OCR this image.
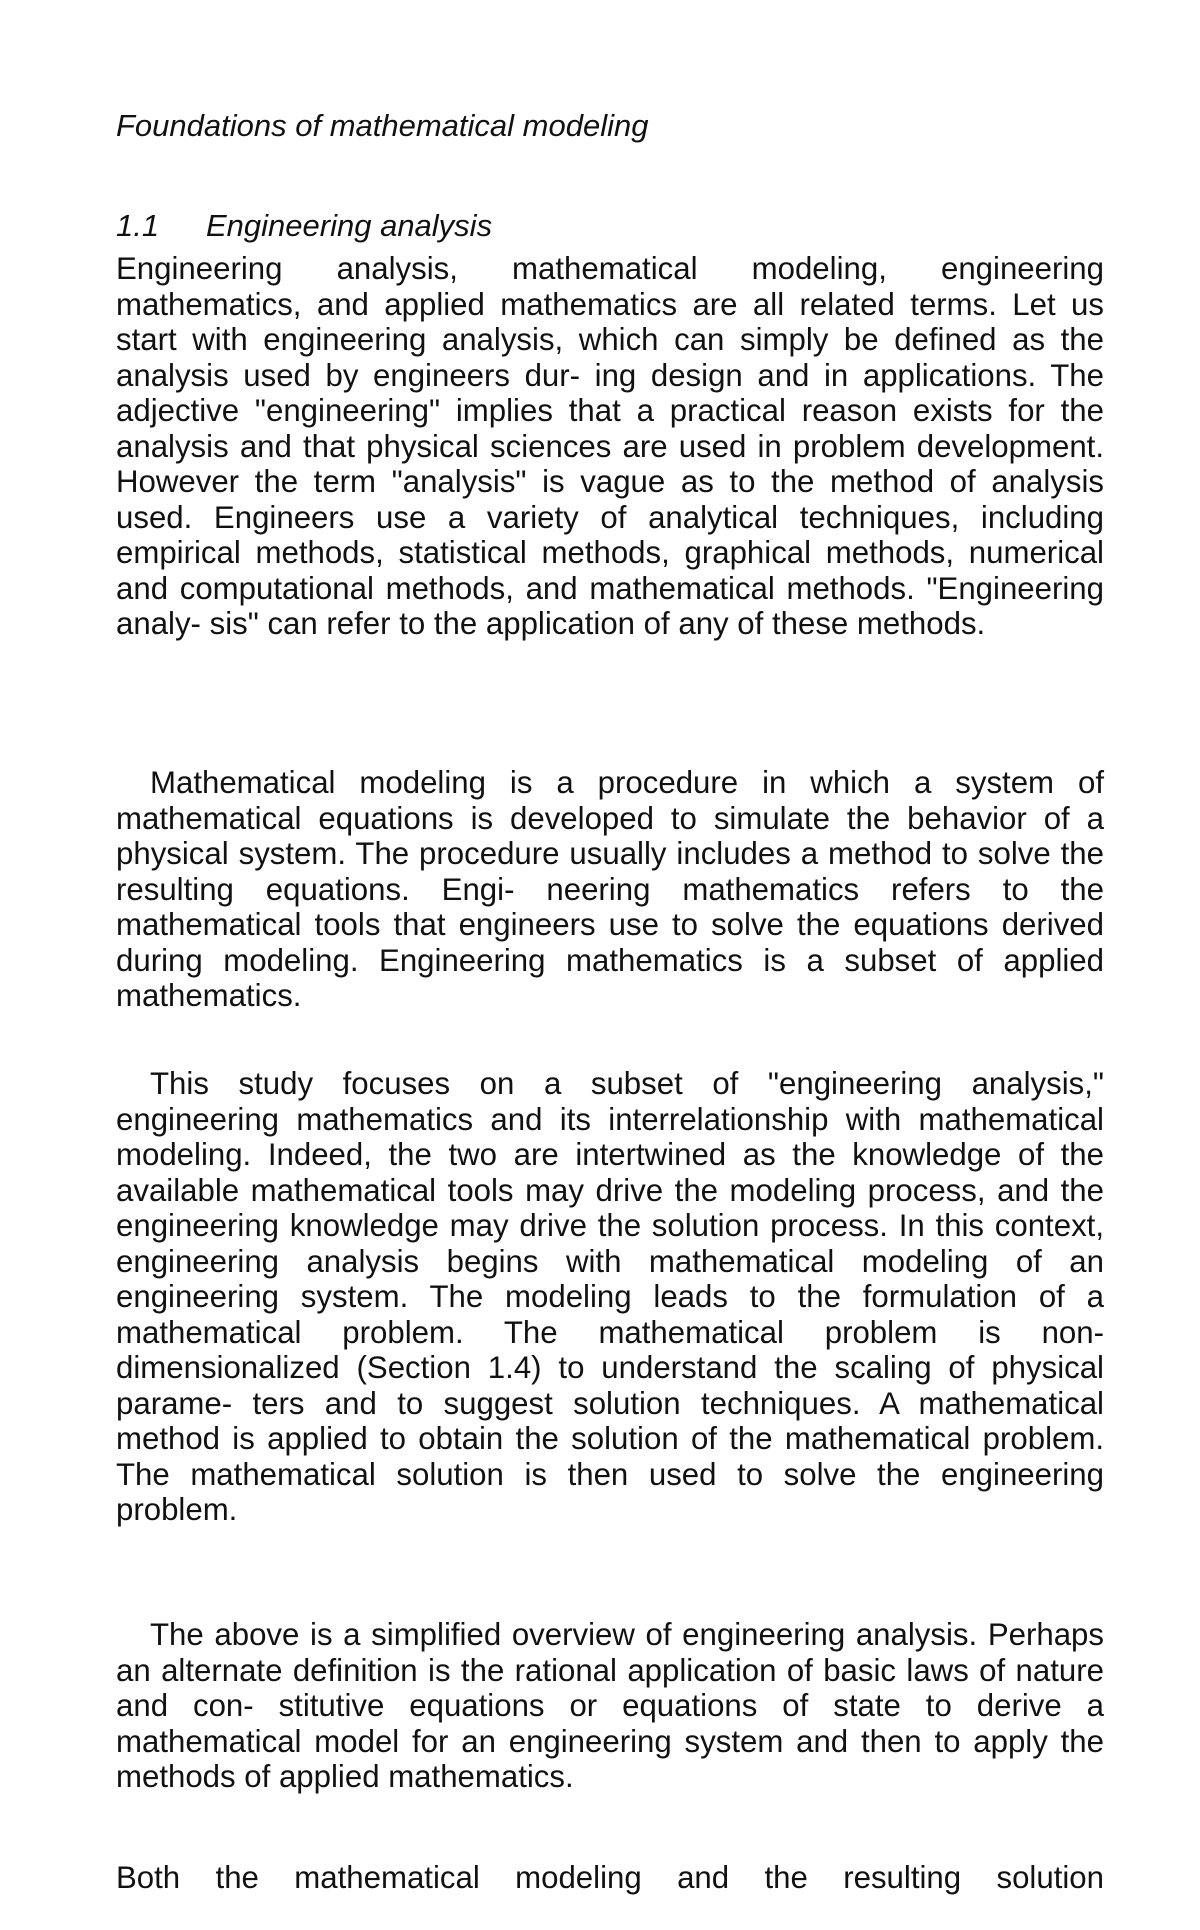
Foundations of mathematical modeling

1.1 Engineering analysis

Engineering analysis, mathematical modeling, engineering mathematics, and applied mathematics are all related terms. Let us start with engineering analysis, which can simply be defined as the analysis used by engineers dur- ing design and in applications. The adjective "engineering" implies that a practical reason exists for the analysis and that physical sciences are used in problem development. However the term "analysis" is vague as to the method of analysis used. Engineers use a variety of analytical techniques, including empirical methods, statistical methods, graphical methods, numerical and computational methods, and mathematical methods. "Engineering analy- sis" can refer to the application of any of these methods.

Mathematical modeling is a procedure in which a system of mathematical equations is developed to simulate the behavior of a physical system. The procedure usually includes a method to solve the resulting equations. Engi- neering mathematics refers to the mathematical tools that engineers use to solve the equations derived during modeling. Engineering mathematics is a subset of applied mathematics.

This study focuses on a subset of "engineering analysis," engineering mathematics and its interrelationship with mathematical modeling. Indeed, the two are intertwined as the knowledge of the available mathematical tools may drive the modeling process, and the engineering knowledge may drive the solution process. In this context, engineering analysis begins with mathematical modeling of an engineering system. The modeling leads to the formulation of a mathematical problem. The mathematical problem is non- dimensionalized (Section 1.4) to understand the scaling of physical parame- ters and to suggest solution techniques. A mathematical method is applied to obtain the solution of the mathematical problem. The mathematical solution is then used to solve the engineering problem.

The above is a simplified overview of engineering analysis. Perhaps an alternate definition is the rational application of basic laws of nature and con- stitutive equations or equations of state to derive a mathematical model for an engineering system and then to apply the methods of applied mathematics.

Both the mathematical modeling and the resulting solution
